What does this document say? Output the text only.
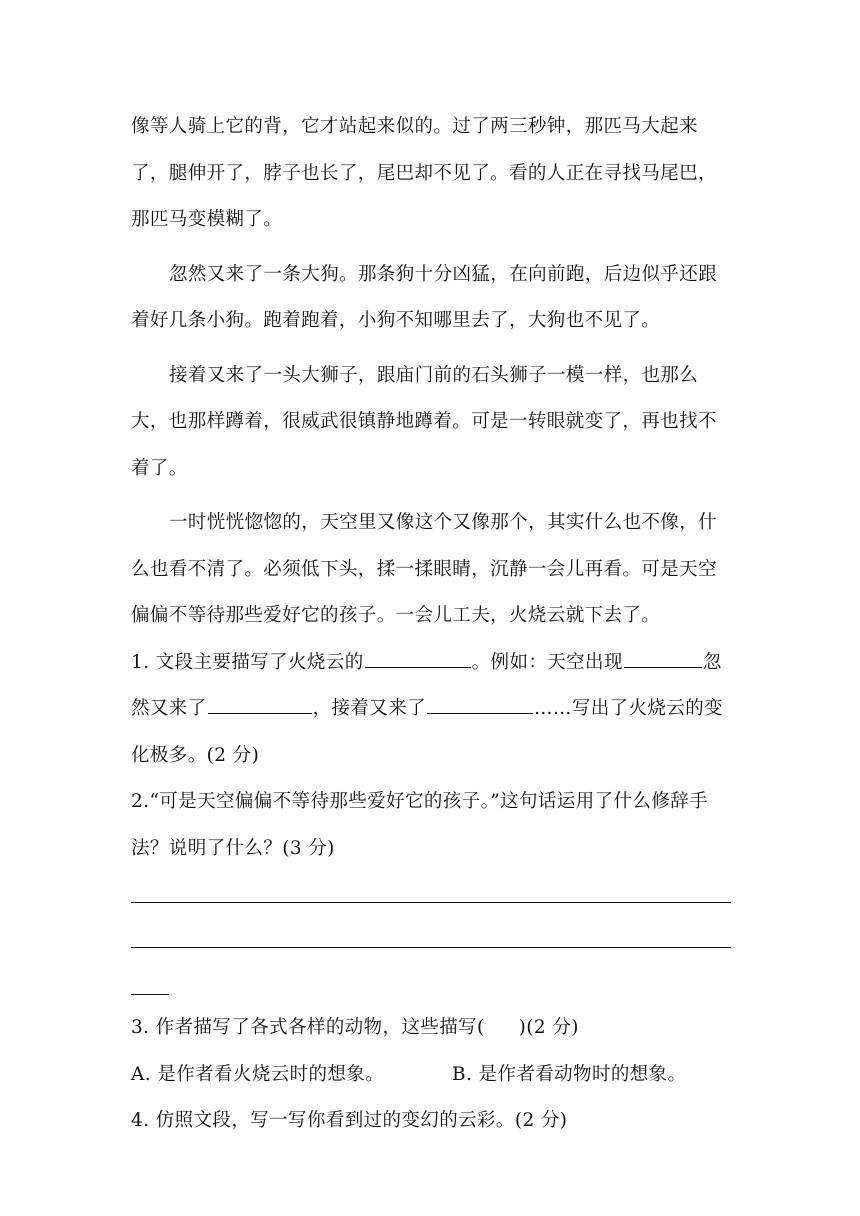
像等人骑上它的背，它才站起来似的。过了两三秒钟，那匹马大起来了，腿伸开了，脖子也长了，尾巴却不见了。看的人正在寻找马尾巴，那匹马变模糊了。

忽然又来了一条大狗。那条狗十分凶猛，在向前跑，后边似乎还跟着好几条小狗。跑着跑着，小狗不知哪里去了，大狗也不见了。

接着又来了一头大狮子，跟庙门前的石头狮子一模一样，也那么大，也那样蹲着，很威武很镇静地蹲着。可是一转眼就变了，再也找不着了。

一时恍恍惚惚的，天空里又像这个又像那个，其实什么也不像，什么也看不清了。必须低下头，揉一揉眼睛，沉静一会儿再看。可是天空偏偏不等待那些爱好它的孩子。一会儿工夫，火烧云就下去了。

1. 文段主要描写了火烧云的	。例如：天空出现	忽然又来了	，接着又来了	……写出了火烧云的变化极多。(2 分)

2.“可是天空偏偏不等待那些爱好它的孩子。”这句话运用了什么修辞手法？说明了什么？(3 分)

3. 作者描写了各式各样的动物，这些描写( )(2 分)

A. 是作者看火烧云时的想象。	B. 是作者看动物时的想象。

4. 仿照文段，写一写你看到过的变幻的云彩。(2 分)
